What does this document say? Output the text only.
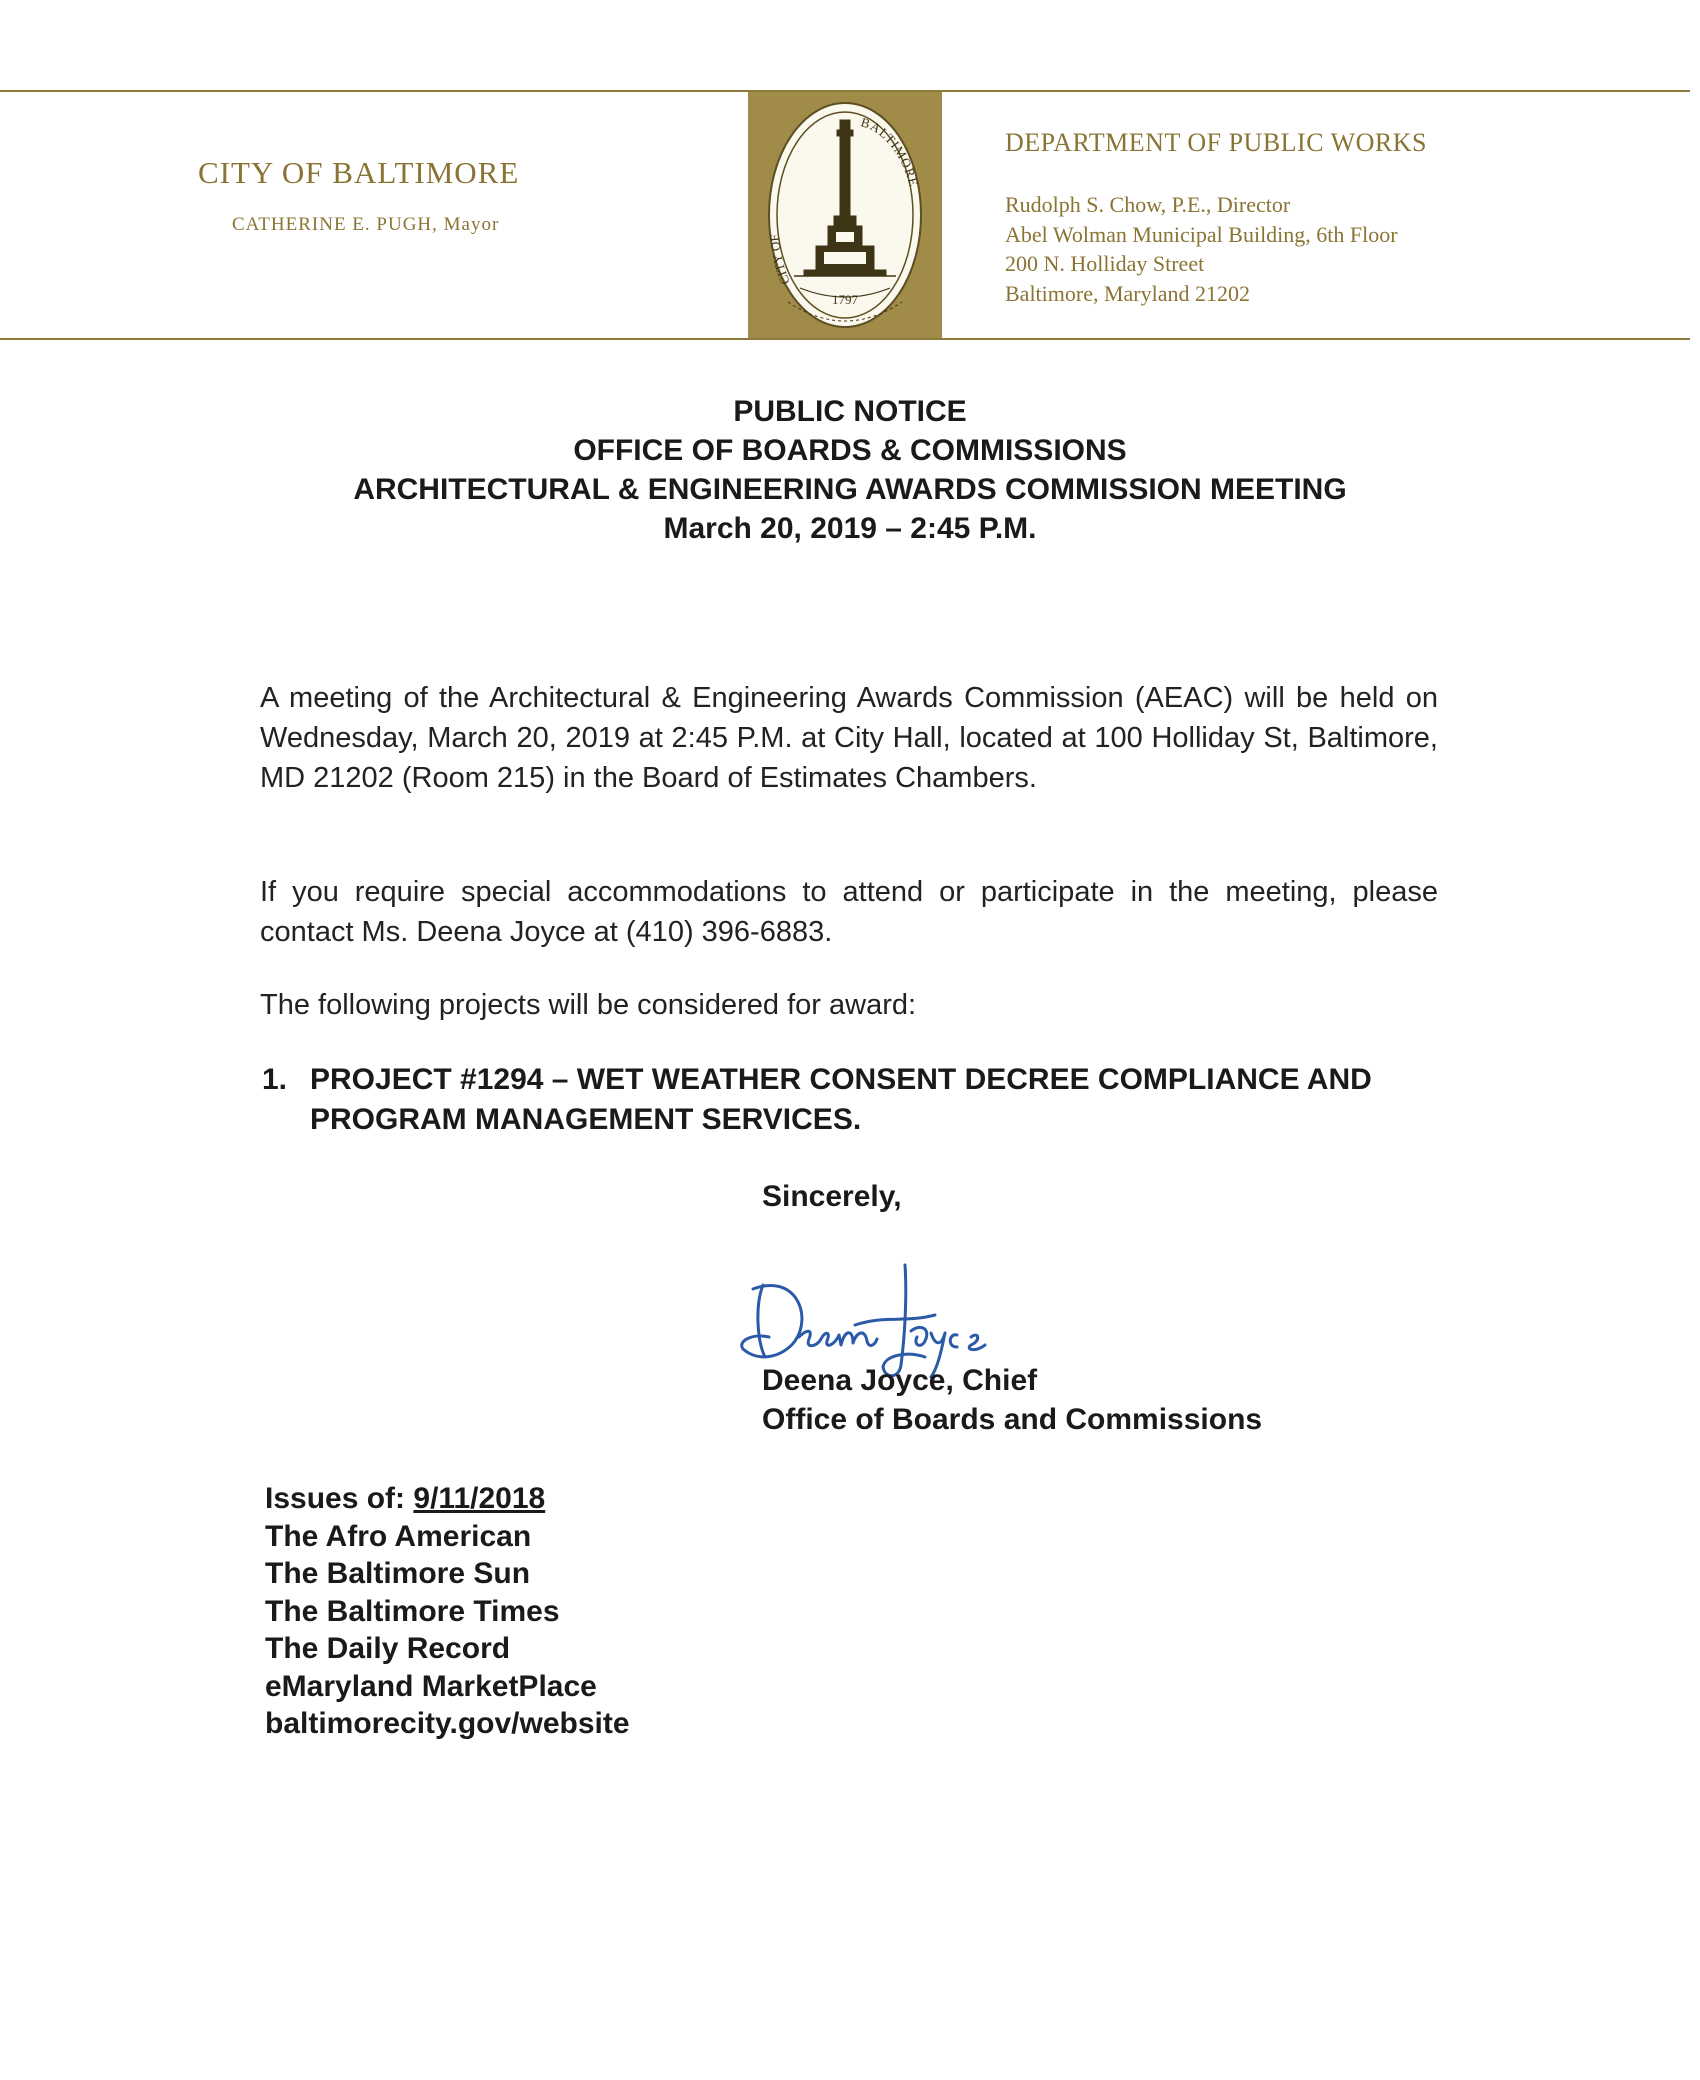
CITY OF BALTIMORE
CATHERINE E. PUGH, Mayor
CITY OF
BALTIMORE
1797
DEPARTMENT OF PUBLIC WORKS
Rudolph S. Chow, P.E., Director
Abel Wolman Municipal Building, 6th Floor
200 N. Holliday Street
Baltimore, Maryland 21202
PUBLIC NOTICE
OFFICE OF BOARDS & COMMISSIONS
ARCHITECTURAL & ENGINEERING AWARDS COMMISSION MEETING
March 20, 2019 – 2:45 P.M.
A meeting of the Architectural & Engineering Awards Commission (AEAC) will be held on Wednesday, March 20, 2019 at 2:45 P.M. at City Hall, located at 100 Holliday St, Baltimore, MD 21202 (Room 215) in the Board of Estimates Chambers.
If you require special accommodations to attend or participate in the meeting, please contact Ms. Deena Joyce at (410) 396-6883.
The following projects will be considered for award:
1. PROJECT #1294 – WET WEATHER CONSENT DECREE COMPLIANCE AND PROGRAM MANAGEMENT SERVICES.
Sincerely,
Deena Joyce
Deena Joyce, Chief
Office of Boards and Commissions
Issues of: 9/11/2018
The Afro American
The Baltimore Sun
The Baltimore Times
The Daily Record
eMaryland MarketPlace
baltimorecity.gov/website
